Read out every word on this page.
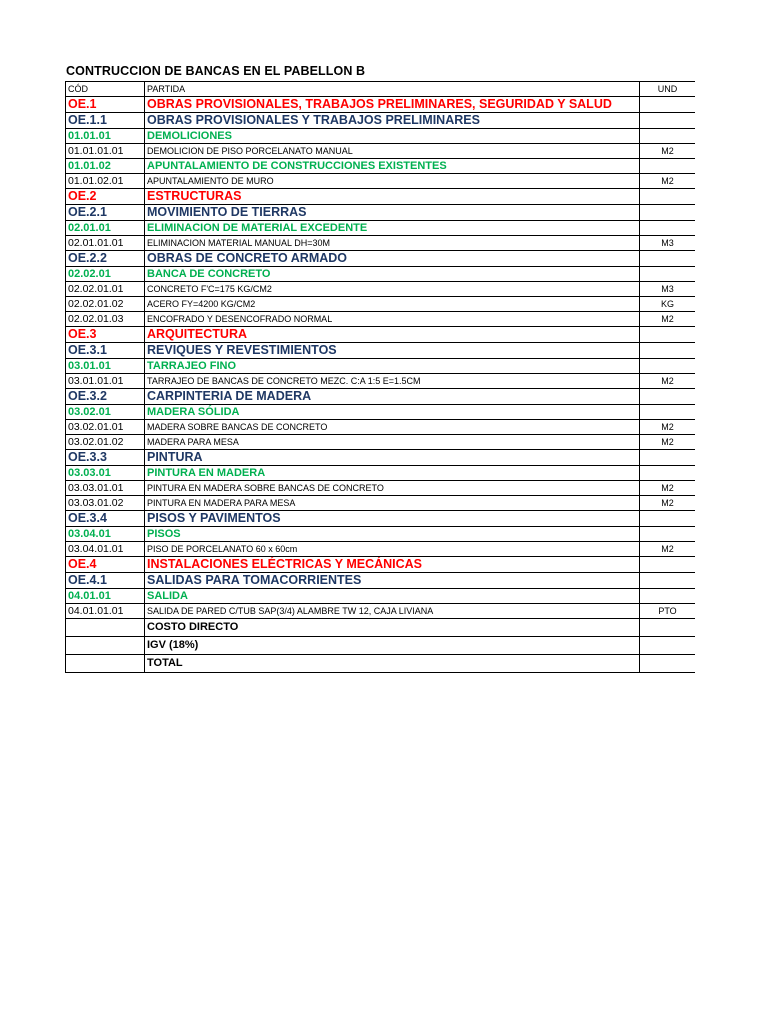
CONTRUCCION DE BANCAS EN EL PABELLON B
CÓD	PARTIDA	UND
OE.1	OBRAS PROVISIONALES, TRABAJOS PRELIMINARES, SEGURIDAD Y SALUD	
OE.1.1	OBRAS PROVISIONALES Y TRABAJOS PRELIMINARES	
01.01.01	DEMOLICIONES	
01.01.01.01	DEMOLICION DE PISO PORCELANATO MANUAL	M2
01.01.02	APUNTALAMIENTO DE CONSTRUCCIONES EXISTENTES	
01.01.02.01	APUNTALAMIENTO DE MURO	M2
OE.2	ESTRUCTURAS	
OE.2.1	MOVIMIENTO DE TIERRAS	
02.01.01	ELIMINACION DE MATERIAL EXCEDENTE	
02.01.01.01	ELIMINACION MATERIAL MANUAL DH=30M	M3
OE.2.2	OBRAS DE CONCRETO ARMADO	
02.02.01	BANCA DE CONCRETO	
02.02.01.01	CONCRETO F'C=175 KG/CM2	M3
02.02.01.02	ACERO FY=4200 KG/CM2	KG
02.02.01.03	ENCOFRADO Y DESENCOFRADO NORMAL	M2
OE.3	ARQUITECTURA	
OE.3.1	REVIQUES Y REVESTIMIENTOS	
03.01.01	TARRAJEO FINO	
03.01.01.01	TARRAJEO DE BANCAS DE CONCRETO MEZC. C:A 1:5 E=1.5CM	M2
OE.3.2	CARPINTERIA DE MADERA	
03.02.01	MADERA SÓLIDA	
03.02.01.01	MADERA SOBRE BANCAS DE CONCRETO	M2
03.02.01.02	MADERA PARA MESA	M2
OE.3.3	PINTURA	
03.03.01	PINTURA EN MADERA	
03.03.01.01	PINTURA EN MADERA SOBRE BANCAS DE CONCRETO	M2
03.03.01.02	PINTURA EN MADERA PARA MESA	M2
OE.3.4	PISOS Y PAVIMENTOS	
03.04.01	PISOS	
03.04.01.01	PISO DE PORCELANATO 60 x 60cm	M2
OE.4	INSTALACIONES ELÉCTRICAS Y MECÁNICAS	
OE.4.1	SALIDAS PARA TOMACORRIENTES	
04.01.01	SALIDA	
04.01.01.01	SALIDA DE PARED C/TUB SAP(3/4) ALAMBRE TW 12, CAJA LIVIANA	PTO
	COSTO DIRECTO	
	IGV (18%)	
	TOTAL	
